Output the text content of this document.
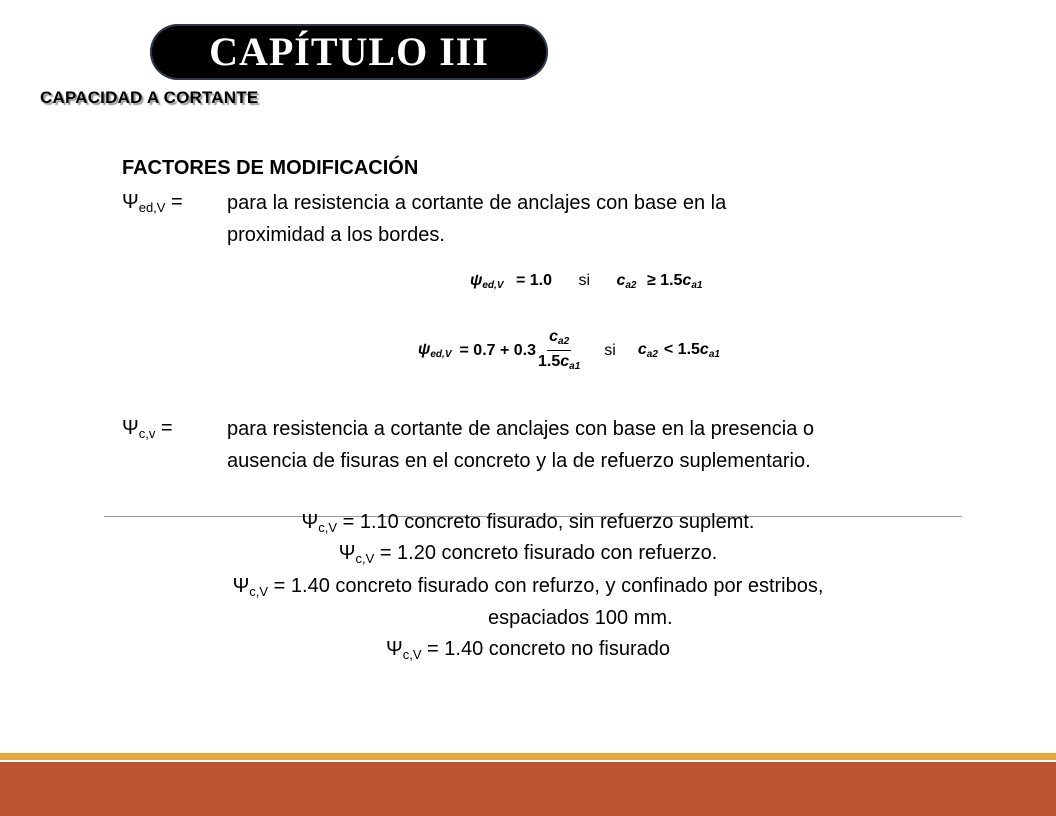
CAPÍTULO III
CAPACIDAD A CORTANTE
FACTORES DE MODIFICACIÓN
$\Psi_{ed,V}$ = para la resistencia a cortante de anclajes con base en la
proximidad a los bordes.
$\psi_{ed,V} = 1.0$ si $c_{a2} \ge 1.5c_{a1}$
$\psi_{ed,V} = 0.7 + 0.3 \frac{c_{a2}}{1.5c_{a1}}$ si $c_{a2} < 1.5c_{a1}$
$\Psi_{c,v}$ =	para resistencia a cortante de anclajes con base en la presencia o
ausencia de fisuras en el concreto y la de refuerzo suplementario.
$\Psi_{c,V} = 1.10$ concreto fisurado, sin refuerzo suplemt.
$\Psi_{c,V} = 1.20$ concreto fisurado con refuerzo.
$\Psi_{c,V} = 1.40$ concreto fisurado con refurzo, y confinado por estribos,
espaciados 100 mm.
$\Psi_{c,V} = 1.40$ concreto no fisurado
